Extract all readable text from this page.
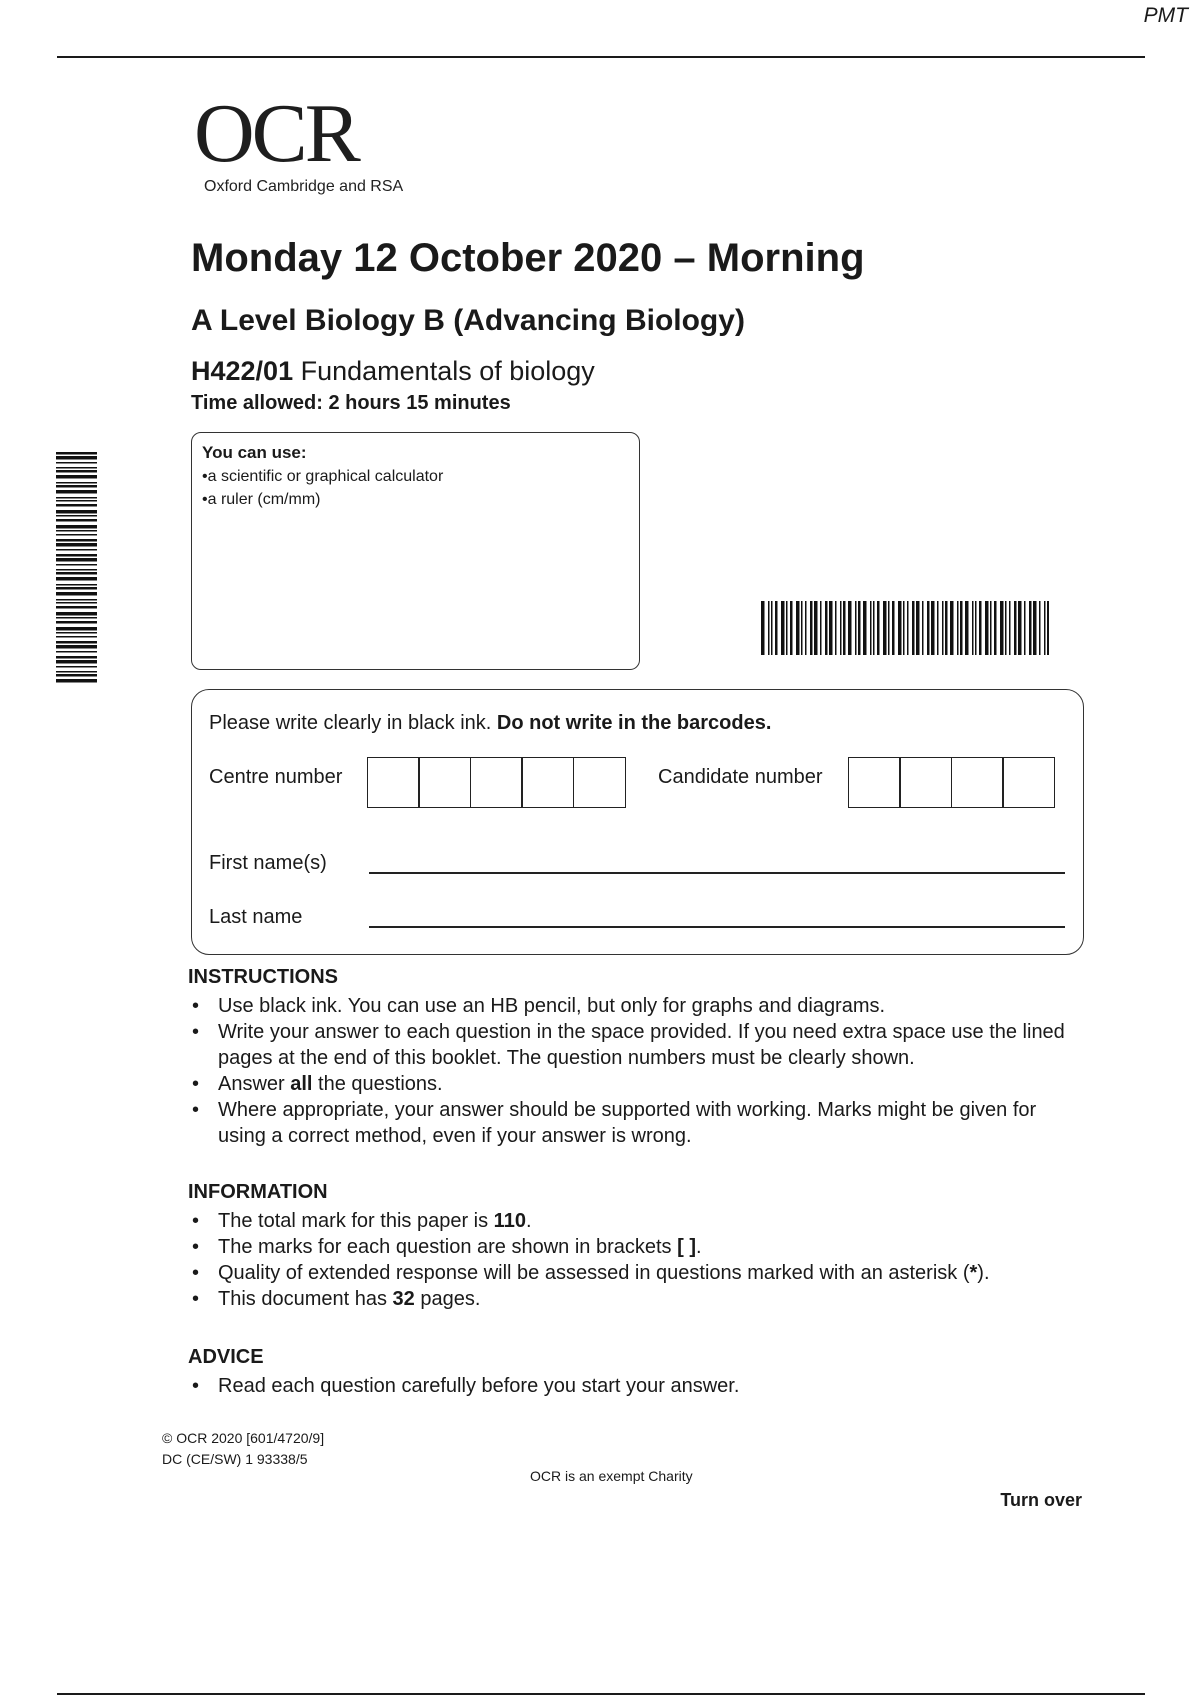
PMT
OCR
Oxford Cambridge and RSA
Monday 12 October 2020 – Morning
A Level Biology B (Advancing Biology)
H422/01 Fundamentals of biology
Time allowed: 2 hours 15 minutes
You can use:
•a scientific or graphical calculator
•a ruler (cm/mm)
Please write clearly in black ink. Do not write in the barcodes.
Centre number	Candidate number
First name(s)
Last name
INSTRUCTIONS
• Use black ink. You can use an HB pencil, but only for graphs and diagrams.
• Write your answer to each question in the space provided. If you need extra space use the lined pages at the end of this booklet. The question numbers must be clearly shown.
• Answer all the questions.
• Where appropriate, your answer should be supported with working. Marks might be given for using a correct method, even if your answer is wrong.
INFORMATION
• The total mark for this paper is 110.
• The marks for each question are shown in brackets [ ].
• Quality of extended response will be assessed in questions marked with an asterisk (*).
• This document has 32 pages.
ADVICE
• Read each question carefully before you start your answer.
© OCR 2020 [601/4720/9]
DC (CE/SW) 1 93338/5
OCR is an exempt Charity
Turn over
